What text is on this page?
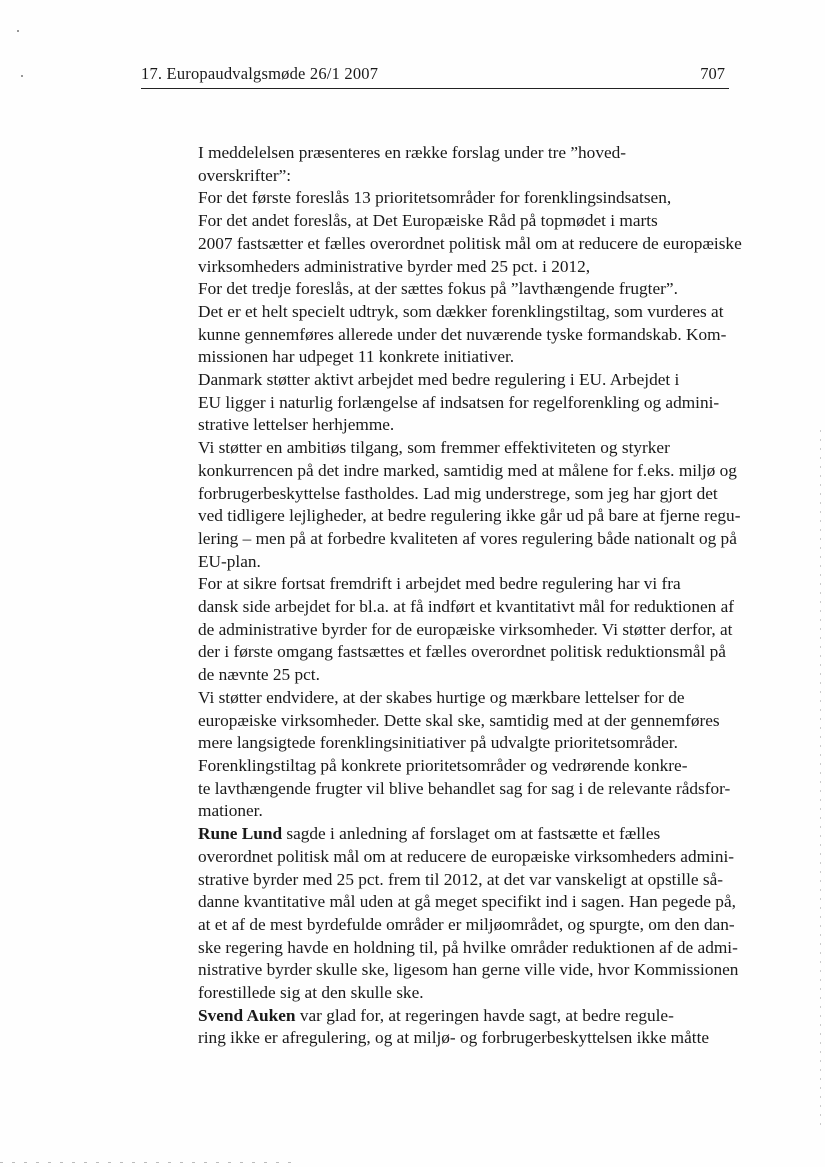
17. Europaudvalgsmøde 26/1 2007	707

I meddelelsen præsenteres en række forslag under tre ”hoved-
overskrifter”:

For det første foreslås 13 prioritetsområder for forenklingsindsatsen,

For det andet foreslås, at Det Europæiske Råd på topmødet i marts
2007 fastsætter et fælles overordnet politisk mål om at reducere de europæiske
virksomheders administrative byrder med 25 pct. i 2012,

For det tredje foreslås, at der sættes fokus på ”lavthængende frugter”.
Det er et helt specielt udtryk, som dækker forenklingstiltag, som vurderes at
kunne gennemføres allerede under det nuværende tyske formandskab. Kom-
missionen har udpeget 11 konkrete initiativer.

Danmark støtter aktivt arbejdet med bedre regulering i EU. Arbejdet i
EU ligger i naturlig forlængelse af indsatsen for regelforenkling og admini-
strative lettelser herhjemme.

Vi støtter en ambitiøs tilgang, som fremmer effektiviteten og styrker
konkurrencen på det indre marked, samtidig med at målene for f.eks. miljø og
forbrugerbeskyttelse fastholdes. Lad mig understrege, som jeg har gjort det
ved tidligere lejligheder, at bedre regulering ikke går ud på bare at fjerne regu-
lering – men på at forbedre kvaliteten af vores regulering både nationalt og på
EU-plan.

For at sikre fortsat fremdrift i arbejdet med bedre regulering har vi fra
dansk side arbejdet for bl.a. at få indført et kvantitativt mål for reduktionen af
de administrative byrder for de europæiske virksomheder. Vi støtter derfor, at
der i første omgang fastsættes et fælles overordnet politisk reduktionsmål på
de nævnte 25 pct.

Vi støtter endvidere, at der skabes hurtige og mærkbare lettelser for de
europæiske virksomheder. Dette skal ske, samtidig med at der gennemføres
mere langsigtede forenklingsinitiativer på udvalgte prioritetsområder.

Forenklingstiltag på konkrete prioritetsområder og vedrørende konkre-
te lavthængende frugter vil blive behandlet sag for sag i de relevante rådsfor-
mationer.

Rune Lund sagde i anledning af forslaget om at fastsætte et fælles
overordnet politisk mål om at reducere de europæiske virksomheders admini-
strative byrder med 25 pct. frem til 2012, at det var vanskeligt at opstille så-
danne kvantitative mål uden at gå meget specifikt ind i sagen. Han pegede på,
at et af de mest byrdefulde områder er miljøområdet, og spurgte, om den dan-
ske regering havde en holdning til, på hvilke områder reduktionen af de admi-
nistrative byrder skulle ske, ligesom han gerne ville vide, hvor Kommissionen
forestillede sig at den skulle ske.

Svend Auken var glad for, at regeringen havde sagt, at bedre regule-
ring ikke er afregulering, og at miljø- og forbrugerbeskyttelsen ikke måtte
